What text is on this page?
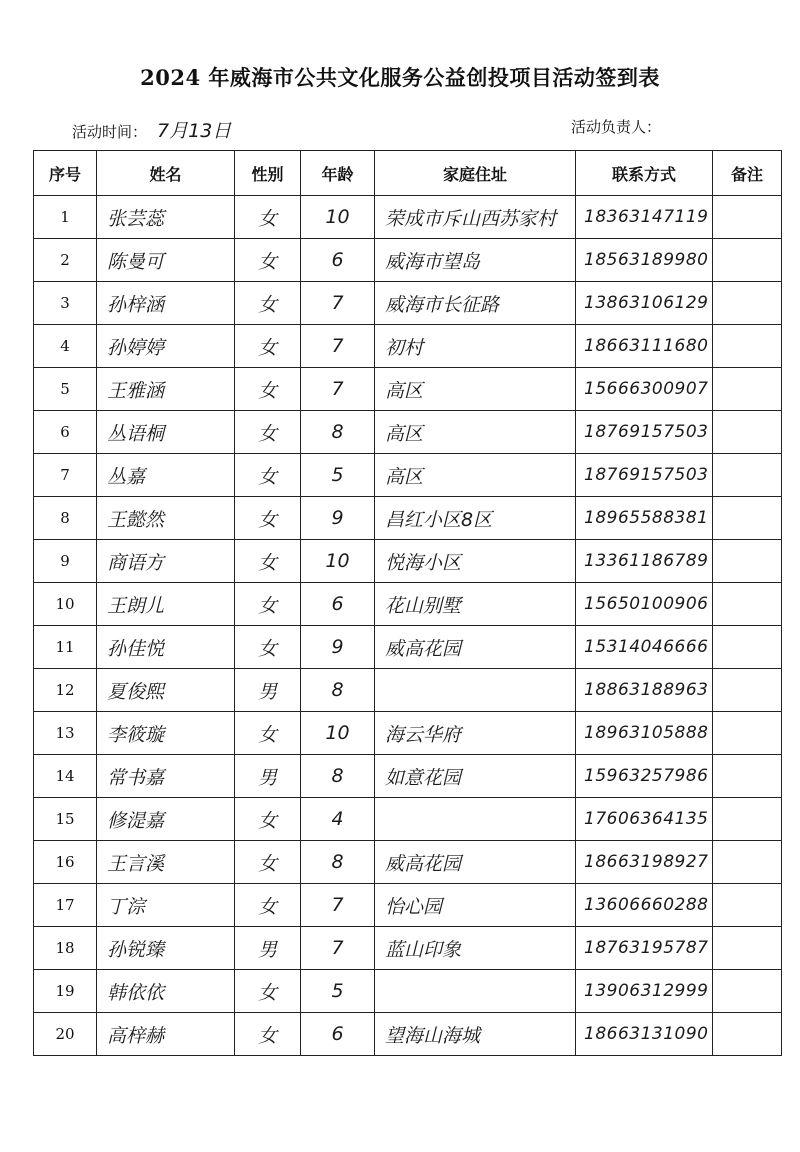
2024 年威海市公共文化服务公益创投项目活动签到表
活动时间： 7月13日	活动负责人：
序号	姓名	性别	年龄	家庭住址	联系方式	备注
1	张芸蕊	女	10	荣成市斥山西苏家村	18363147119	
2	陈曼可	女	6	威海市望岛	18563189980	
3	孙梓涵	女	7	威海市长征路	13863106129	
4	孙婷婷	女	7	初村	18663111680	
5	王雅涵	女	7	高区	15666300907	
6	丛语桐	女	8	高区	18769157503	
7	丛嘉	女	5	高区	18769157503	
8	王懿然	女	9	昌红小区8区	18965588381	
9	商语方	女	10	悦海小区	13361186789	
10	王朗儿	女	6	花山别墅	15650100906	
11	孙佳悦	女	9	威高花园	15314046666	
12	夏俊熙	男	8		18863188963	
13	李筱璇	女	10	海云华府	18963105888	
14	常书嘉	男	8	如意花园	15963257986	
15	修湜嘉	女	4		17606364135	
16	王言溪	女	8	威高花园	18663198927	
17	丁淙	女	7	怡心园	13606660288	
18	孙锐臻	男	7	蓝山印象	18763195787	
19	韩依依	女	5		13906312999	
20	高梓赫	女	6	望海山海城	18663131090	
